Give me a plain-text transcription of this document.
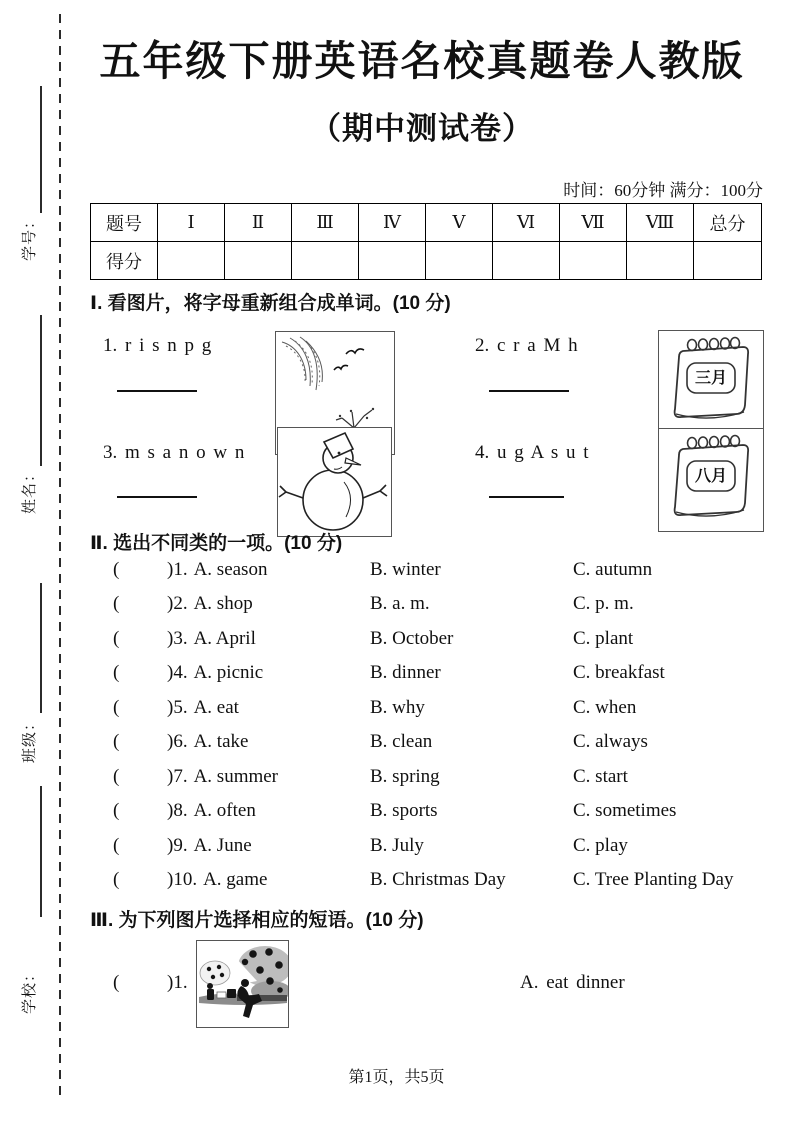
学号：
姓名：
班级：
学校：
五年级下册英语名校真题卷人教版
（期中测试卷）
时间：60分钟 满分：100分
题号	Ⅰ	Ⅱ	Ⅲ	Ⅳ	Ⅴ	Ⅵ	Ⅶ	Ⅷ	总分
得分									
Ⅰ. 看图片，将字母重新组合成单词。(10 分)
1. r i s n p g	2. c r a M h
三月
3. m s a n o w n	4. u g A s u t
八月
Ⅱ. 选出不同类的一项。(10 分)
(	)1. A. season	B. winter	C. autumn
(	)2. A. shop	B. a. m.	C. p. m.
(	)3. A. April	B. October	C. plant
(	)4. A. picnic	B. dinner	C. breakfast
(	)5. A. eat	B. why	C. when
(	)6. A. take	B. clean	C. always
(	)7. A. summer	B. spring	C. start
(	)8. A. often	B. sports	C. sometimes
(	)9. A. June	B. July	C. play
(	)10. A. game	B. Christmas Day	C. Tree Planting Day
Ⅲ. 为下列图片选择相应的短语。(10 分)
(	)1.	A. eat dinner
第1页，共5页
